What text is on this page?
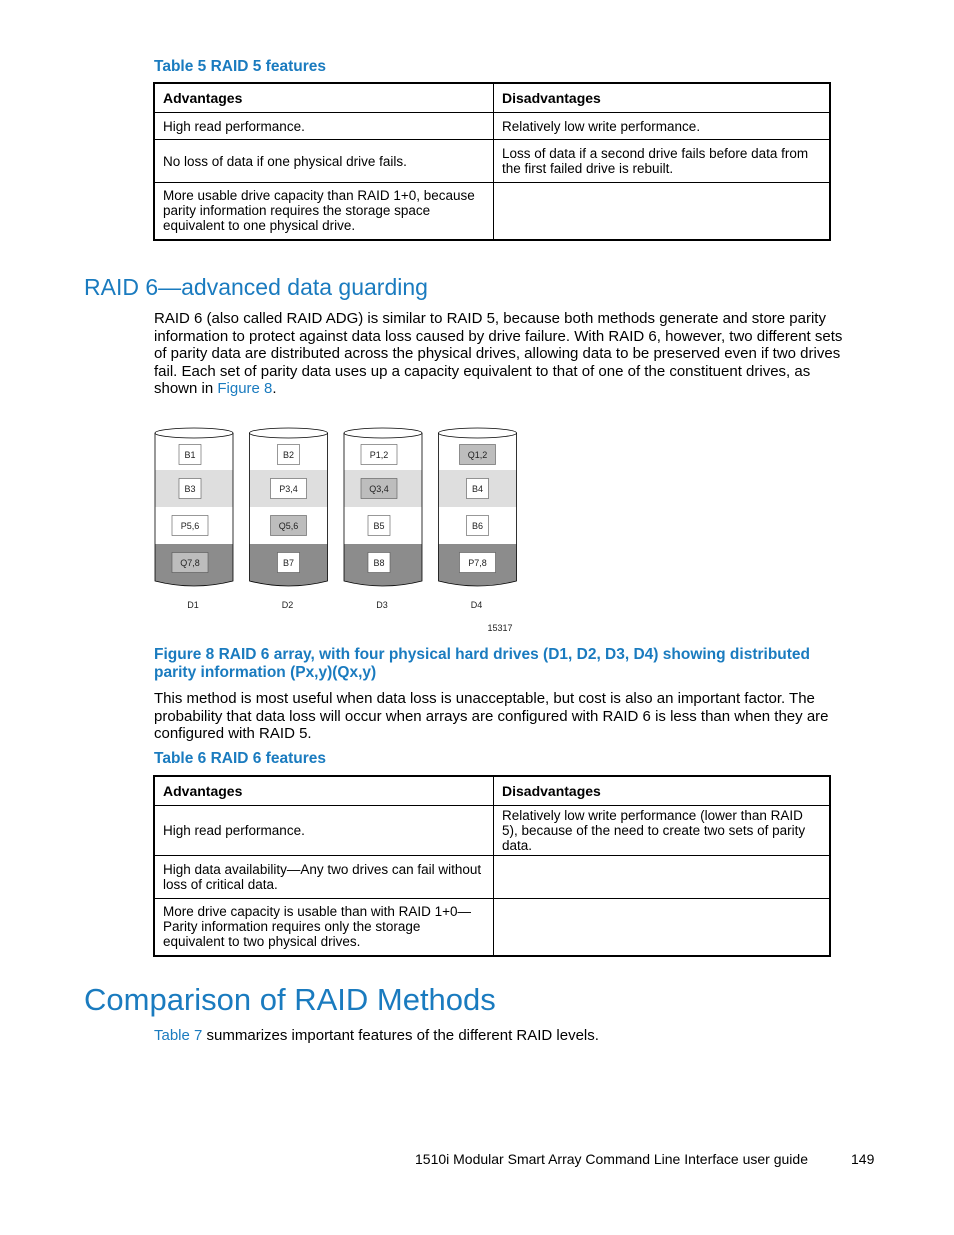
Table 5 RAID 5 features
Advantages	Disadvantages
High read performance.	Relatively low write performance.
No loss of data if one physical drive fails.	Loss of data if a second drive fails before data from the first failed drive is rebuilt.
More usable drive capacity than RAID 1+0, because parity information requires the storage space equivalent to one physical drive.	
RAID 6—advanced data guarding
RAID 6 (also called RAID ADG) is similar to RAID 5, because both methods generate and store parity information to protect against data loss caused by drive failure. With RAID 6, however, two different sets of parity data are distributed across the physical drives, allowing data to be preserved even if two drives fail. Each set of parity data uses up a capacity equivalent to that of one of the constituent drives, as shown in Figure 8.
B1
B3
P5,6
Q7,8
D1
B2
P3,4
Q5,6
B7
D2
P1,2
Q3,4
B5
B8
D3
Q1,2
B4
B6
P7,8
D4
15317
Figure 8 RAID 6 array, with four physical hard drives (D1, D2, D3, D4) showing distributed parity information (Px,y)(Qx,y)
This method is most useful when data loss is unacceptable, but cost is also an important factor. The probability that data loss will occur when arrays are configured with RAID 6 is less than when they are configured with RAID 5.
Table 6 RAID 6 features
Advantages	Disadvantages
High read performance.	Relatively low write performance (lower than RAID 5), because of the need to create two sets of parity data.
High data availability—Any two drives can fail without loss of critical data.	
More drive capacity is usable than with RAID 1+0—Parity information requires only the storage equivalent to two physical drives.	
Comparison of RAID Methods
Table 7 summarizes important features of the different RAID levels.
1510i Modular Smart Array Command Line Interface user guide	149
